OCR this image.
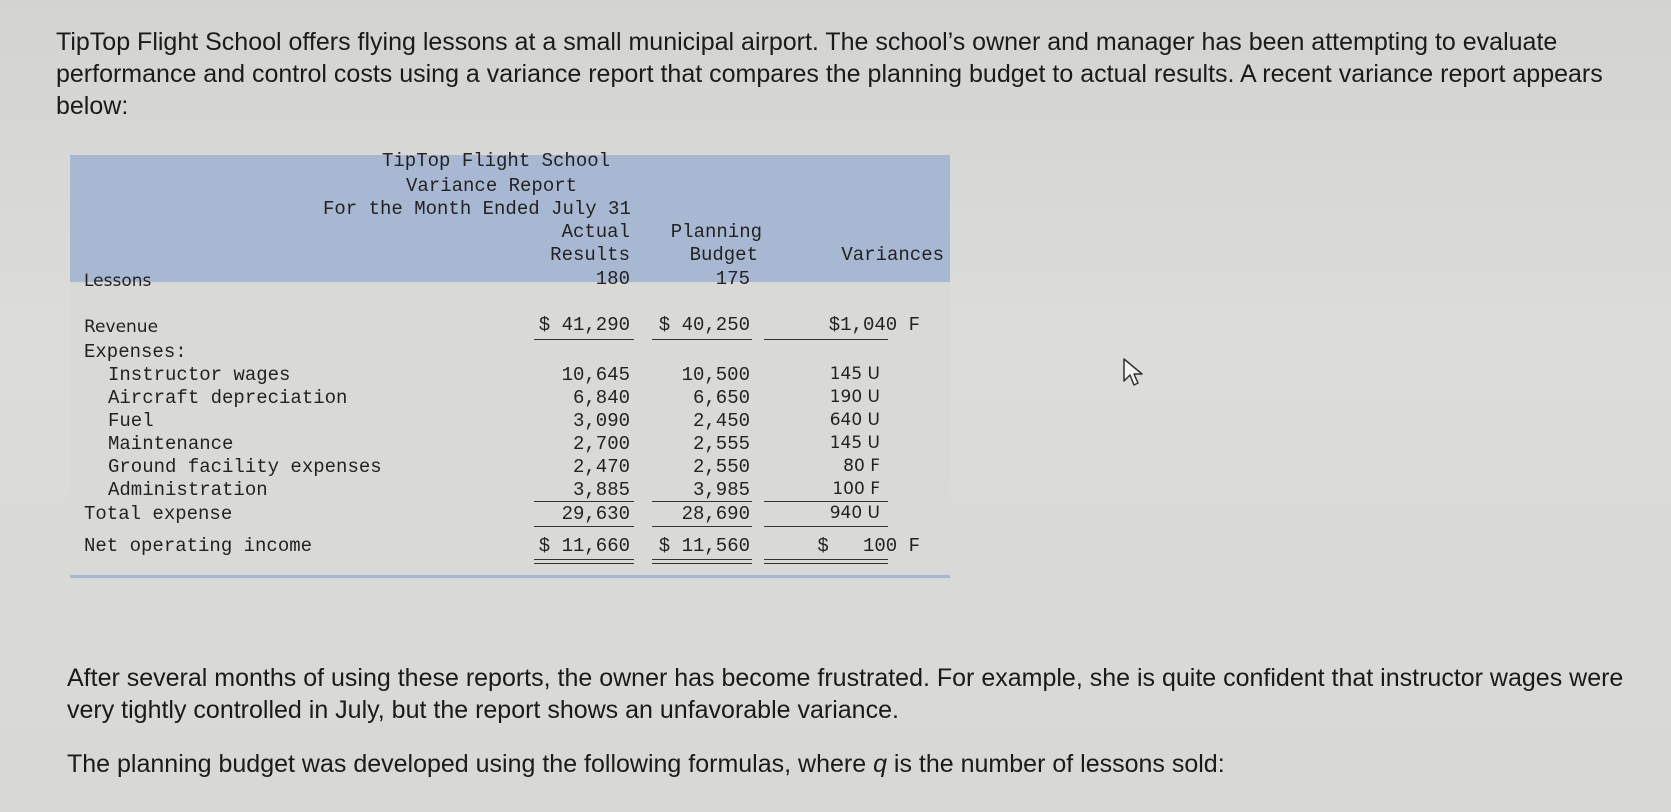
TipTop Flight School offers flying lessons at a small municipal airport. The school’s owner and manager has been attempting to evaluate performance and control costs using a variance report that compares the planning budget to actual results. A recent variance report appears below:
TipTop Flight School
Variance Report
For the Month Ended July 31
Actual
Results
Planning
Budget	Variances
Lessons	180	175
Revenue	$ 41,290 $ 40,250	$1,040 F
Expenses:
Instructor wages	10,645	10,500	145 U
Aircraft depreciation	6,840	6,650	190 U
Fuel	3,090	2,450	640 U
Maintenance	2,700	2,555	145 U
Ground facility expenses	2,470	2,550	80 F
Administration	3,885	3,985	100 F
Total expense	29,630	28,690	940 U
Net operating income	$ 11,660 $ 11,560	$   100 F
After several months of using these reports, the owner has become frustrated. For example, she is quite confident that instructor wages were very tightly controlled in July, but the report shows an unfavorable variance.
The planning budget was developed using the following formulas, where q is the number of lessons sold:
